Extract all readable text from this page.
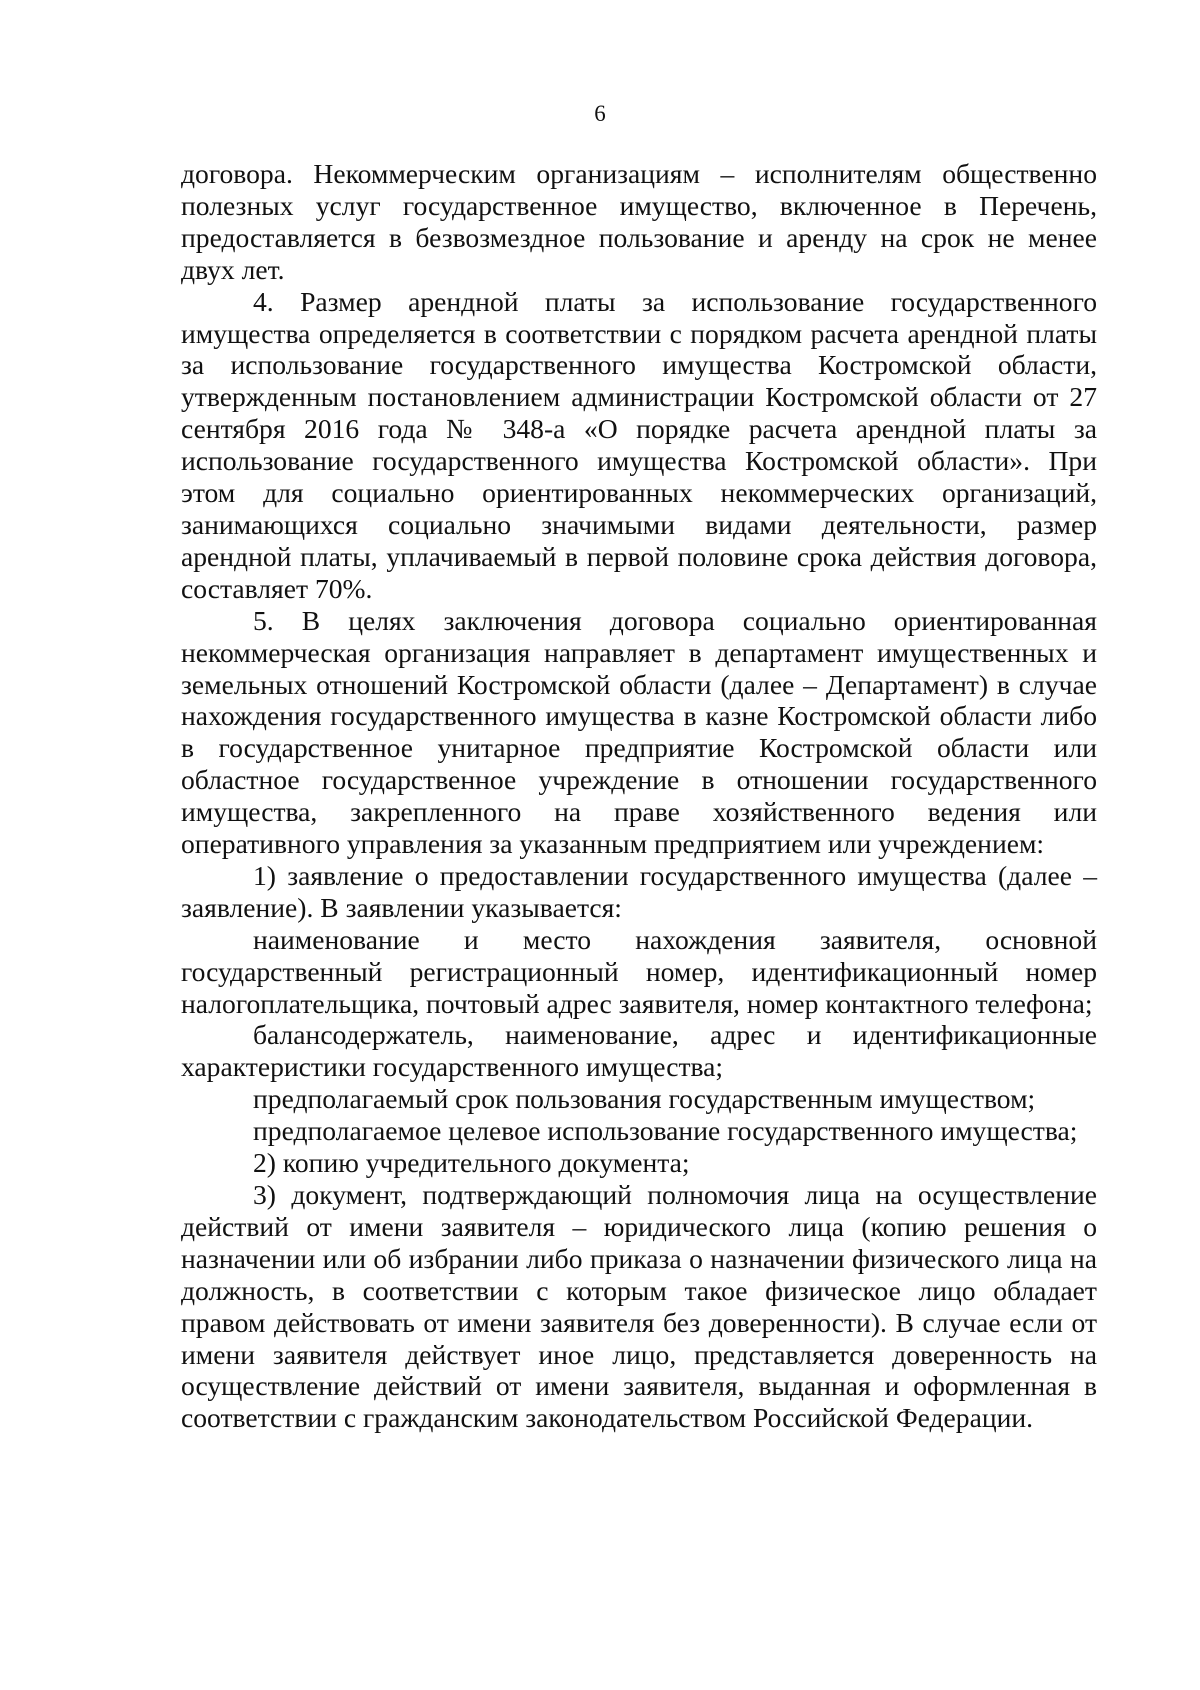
6

договора. Некоммерческим организациям – исполнителям общественно полезных услуг государственное имущество, включенное в Перечень, предоставляется в безвозмездное пользование и аренду на срок не менее двух лет.

4. Размер арендной платы за использование государственного имущества определяется в соответствии с порядком расчета арендной платы за использование государственного имущества Костромской области, утвержденным постановлением администрации Костромской области от 27 сентября 2016 года № 348-а «О порядке расчета арендной платы за использование государственного имущества Костромской области». При этом для социально ориентированных некоммерческих организаций, занимающихся социально значимыми видами деятельности, размер арендной платы, уплачиваемый в первой половине срока действия договора, составляет 70%.

5. В целях заключения договора социально ориентированная некоммерческая организация направляет в департамент имущественных и земельных отношений Костромской области (далее – Департамент) в случае нахождения государственного имущества в казне Костромской области либо в государственное унитарное предприятие Костромской области или областное государственное учреждение в отношении государственного имущества, закрепленного на праве хозяйственного ведения или оперативного управления за указанным предприятием или учреждением:

1) заявление о предоставлении государственного имущества (далее – заявление). В заявлении указывается:

наименование и место нахождения заявителя, основной государственный регистрационный номер, идентификационный номер налогоплательщика, почтовый адрес заявителя, номер контактного телефона;

балансодержатель, наименование, адрес и идентификационные характеристики государственного имущества;

предполагаемый срок пользования государственным имуществом;

предполагаемое целевое использование государственного имущества;

2) копию учредительного документа;

3) документ, подтверждающий полномочия лица на осуществление действий от имени заявителя – юридического лица (копию решения о назначении или об избрании либо приказа о назначении физического лица на должность, в соответствии с которым такое физическое лицо обладает правом действовать от имени заявителя без доверенности). В случае если от имени заявителя действует иное лицо, представляется доверенность на осуществление действий от имени заявителя, выданная и оформленная в соответствии с гражданским законодательством Российской Федерации.
